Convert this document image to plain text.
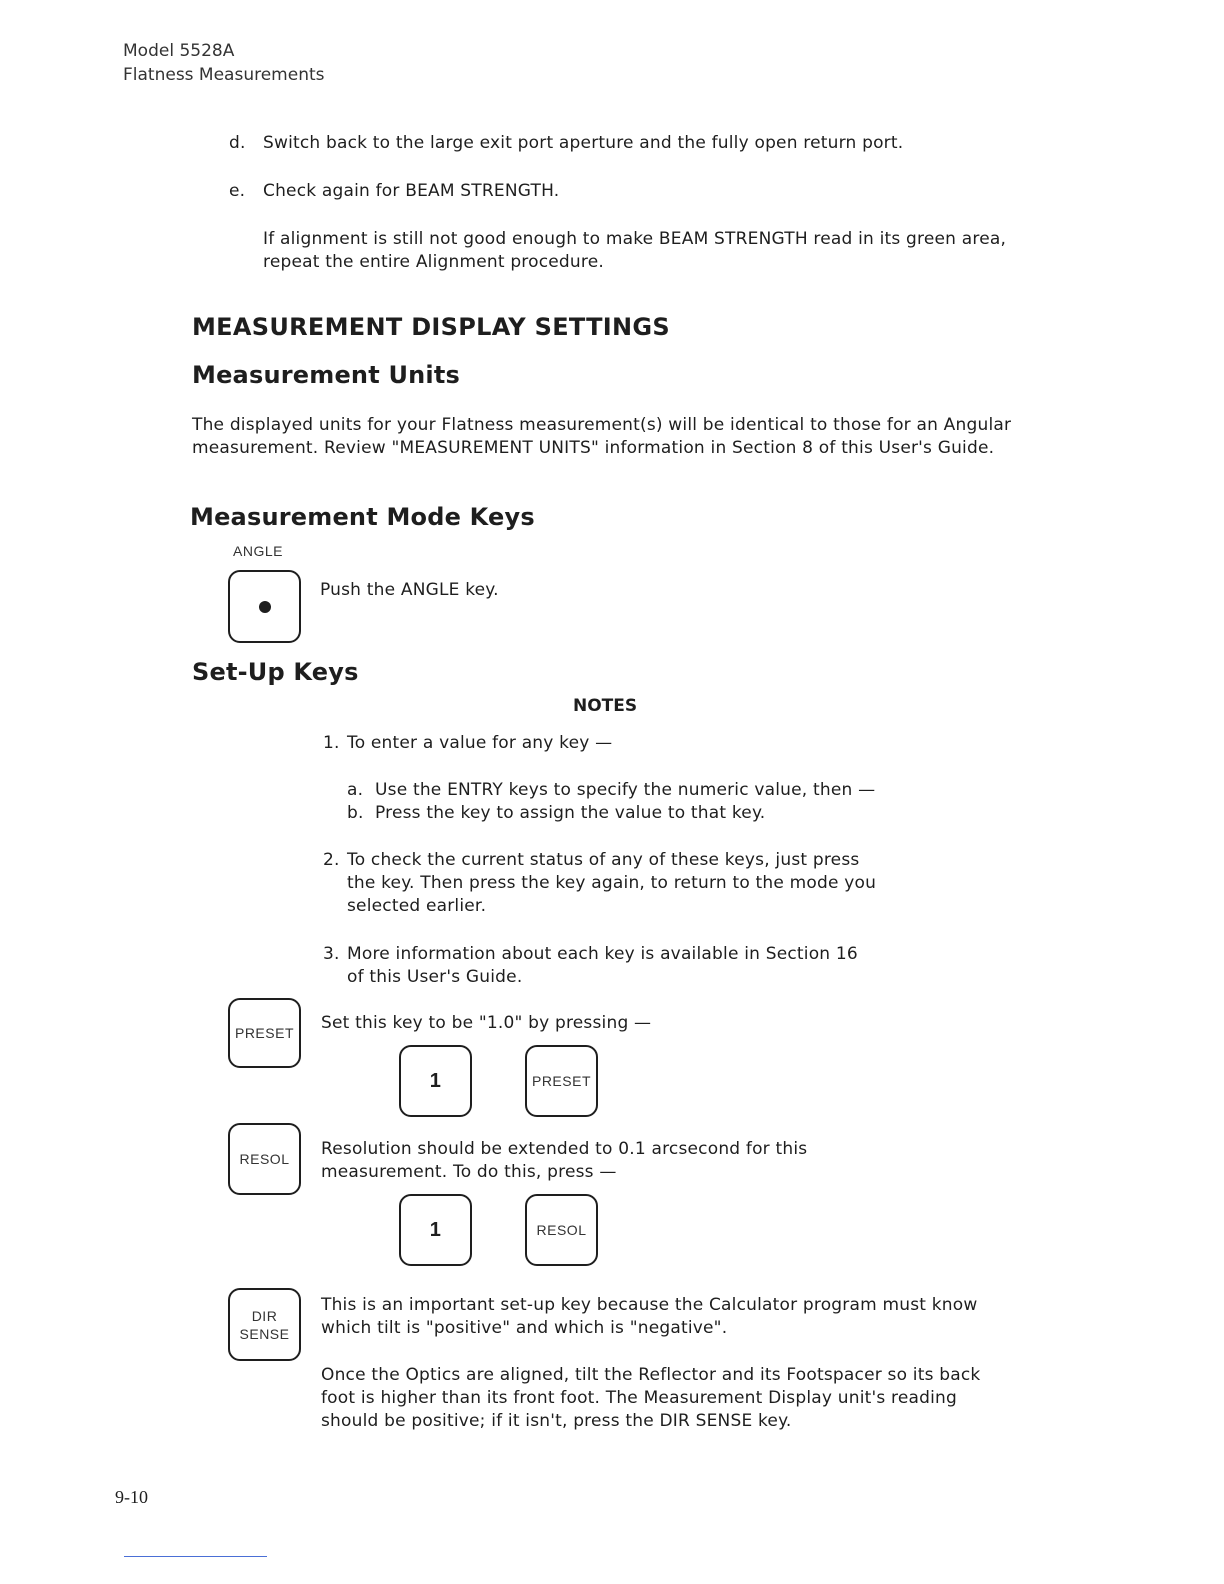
Model 5528A
Flatness Measurements
d. Switch back to the large exit port aperture and the fully open return port.
e. Check again for BEAM STRENGTH.
If alignment is still not good enough to make BEAM STRENGTH read in its green area,
repeat the entire Alignment procedure.
MEASUREMENT DISPLAY SETTINGS
Measurement Units
The displayed units for your Flatness measurement(s) will be identical to those for an Angular
measurement. Review "MEASUREMENT UNITS" information in Section 8 of this User's Guide.
Measurement Mode Keys
ANGLE
Push the ANGLE key.
Set-Up Keys
NOTES
1. To enter a value for any key —
a. Use the ENTRY keys to specify the numeric value, then —
b. Press the key to assign the value to that key.
2. To check the current status of any of these keys, just press
the key. Then press the key again, to return to the mode you
selected earlier.
3. More information about each key is available in Section 16
of this User's Guide.
PRESET	Set this key to be "1.0" by pressing —
1	PRESET
RESOL	Resolution should be extended to 0.1 arcsecond for this
measurement. To do this, press —
1	RESOL
DIR
SENSE
This is an important set-up key because the Calculator program must know
which tilt is "positive" and which is "negative".
Once the Optics are aligned, tilt the Reflector and its Footspacer so its back
foot is higher than its front foot. The Measurement Display unit's reading
should be positive; if it isn't, press the DIR SENSE key.
9-10
